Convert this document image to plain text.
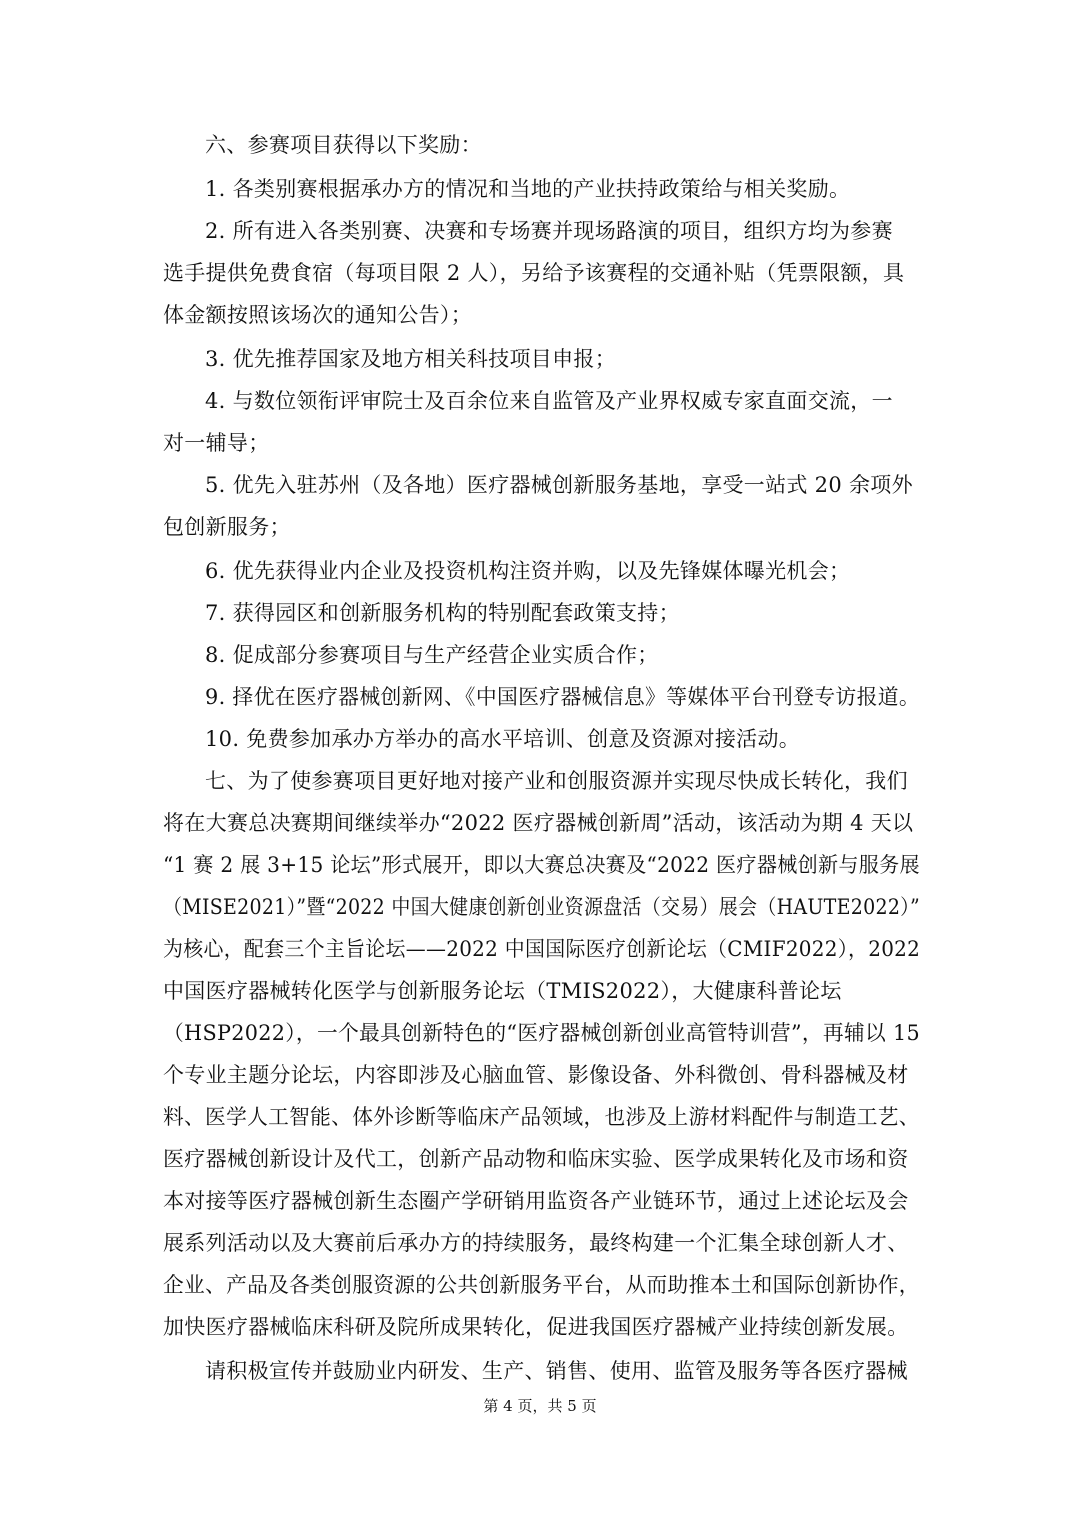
六、参赛项目获得以下奖励：
1. 各类别赛根据承办方的情况和当地的产业扶持政策给与相关奖励。
2. 所有进入各类别赛、决赛和专场赛并现场路演的项目，组织方均为参赛
选手提供免费食宿（每项目限 2 人），另给予该赛程的交通补贴（凭票限额，具
体金额按照该场次的通知公告）；
3. 优先推荐国家及地方相关科技项目申报；
4. 与数位领衔评审院士及百余位来自监管及产业界权威专家直面交流，一
对一辅导；
5. 优先入驻苏州（及各地）医疗器械创新服务基地，享受一站式 20 余项外
包创新服务；
6. 优先获得业内企业及投资机构注资并购，以及先锋媒体曝光机会；
7. 获得园区和创新服务机构的特别配套政策支持；
8. 促成部分参赛项目与生产经营企业实质合作；
9. 择优在医疗器械创新网、《中国医疗器械信息》等媒体平台刊登专访报道。
10. 免费参加承办方举办的高水平培训、创意及资源对接活动。
七、为了使参赛项目更好地对接产业和创服资源并实现尽快成长转化，我们
将在大赛总决赛期间继续举办“2022 医疗器械创新周”活动，该活动为期 4 天以
“1 赛 2 展 3+15 论坛”形式展开，即以大赛总决赛及“2022 医疗器械创新与服务展
（MISE2021）”暨“2022 中国大健康创新创业资源盘活（交易）展会（HAUTE2022）”
为核心，配套三个主旨论坛——2022 中国国际医疗创新论坛（CMIF2022），2022
中国医疗器械转化医学与创新服务论坛（TMIS2022），大健康科普论坛
（HSP2022），一个最具创新特色的“医疗器械创新创业高管特训营”，再辅以 15
个专业主题分论坛，内容即涉及心脑血管、影像设备、外科微创、骨科器械及材
料、医学人工智能、体外诊断等临床产品领域，也涉及上游材料配件与制造工艺、
医疗器械创新设计及代工，创新产品动物和临床实验、医学成果转化及市场和资
本对接等医疗器械创新生态圈产学研销用监资各产业链环节，通过上述论坛及会
展系列活动以及大赛前后承办方的持续服务，最终构建一个汇集全球创新人才、
企业、产品及各类创服资源的公共创新服务平台，从而助推本土和国际创新协作，
加快医疗器械临床科研及院所成果转化，促进我国医疗器械产业持续创新发展。
请积极宣传并鼓励业内研发、生产、销售、使用、监管及服务等各医疗器械
第 4 页，共 5 页
